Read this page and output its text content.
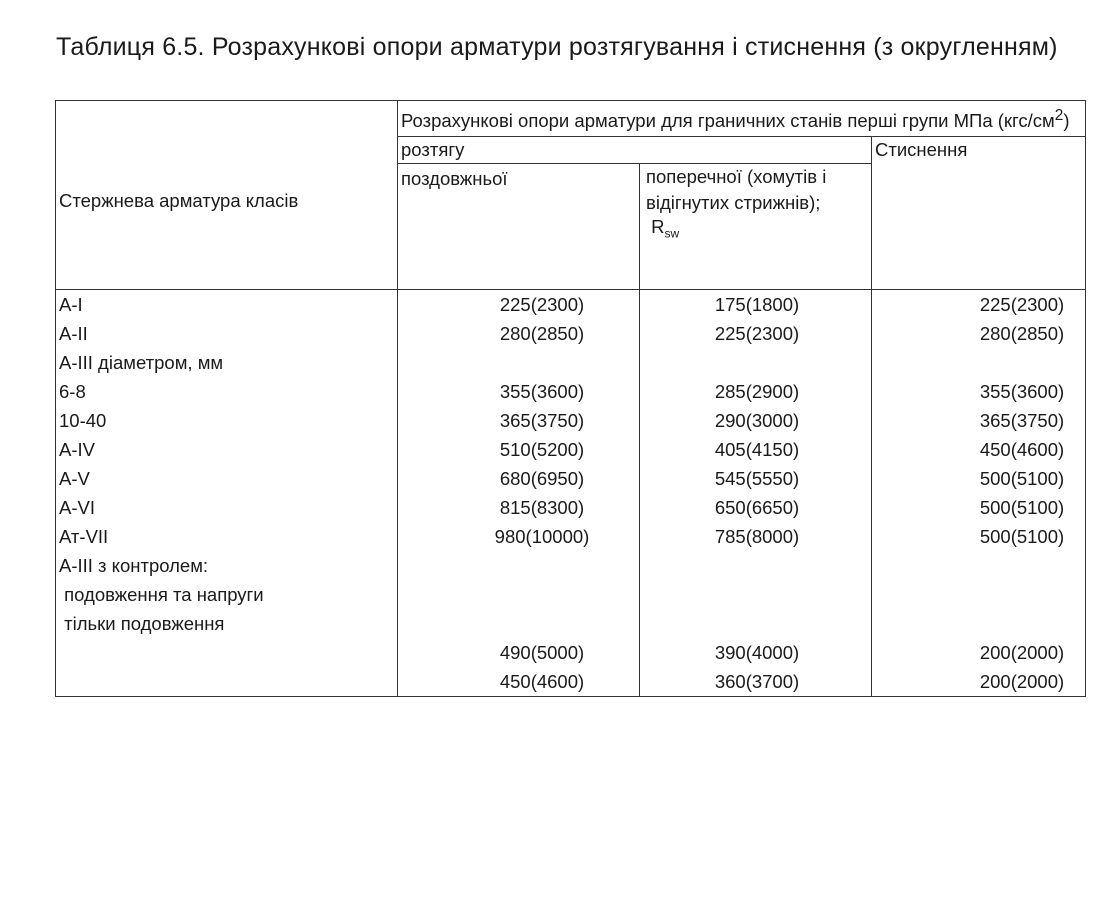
Таблиця 6.5. Розрахункові опори арматури розтягування і стиснення (з округленням)
Стержнева арматура класів	Розрахункові опори арматури для граничних станів перші групи МПа $(кгс/см^2)$		
	розтягу		Стиснення
	поздовжньої	поперечної (хомутів і відігнутих стрижнів);
$R_{sw}$

А-І	225(2300)	175(1800)	225(2300)
А-ІІ	280(2850)	225(2300)	280(2850)
А-ІІІ діаметром, мм			
6-8	355(3600)	285(2900)	355(3600)
10-40	365(3750)	290(3000)	365(3750)
А-IV	510(5200)	405(4150)	450(4600)
А-V	680(6950)	545(5550)	500(5100)
А-VI	815(8300)	650(6650)	500(5100)
Ат-VII	980(10000)	785(8000)	500(5100)
А-ІІІ з контролем:			
подовження та напруги			
тільки подовження			
	490(5000)	390(4000)	200(2000)
	450(4600)	360(3700)	200(2000)
